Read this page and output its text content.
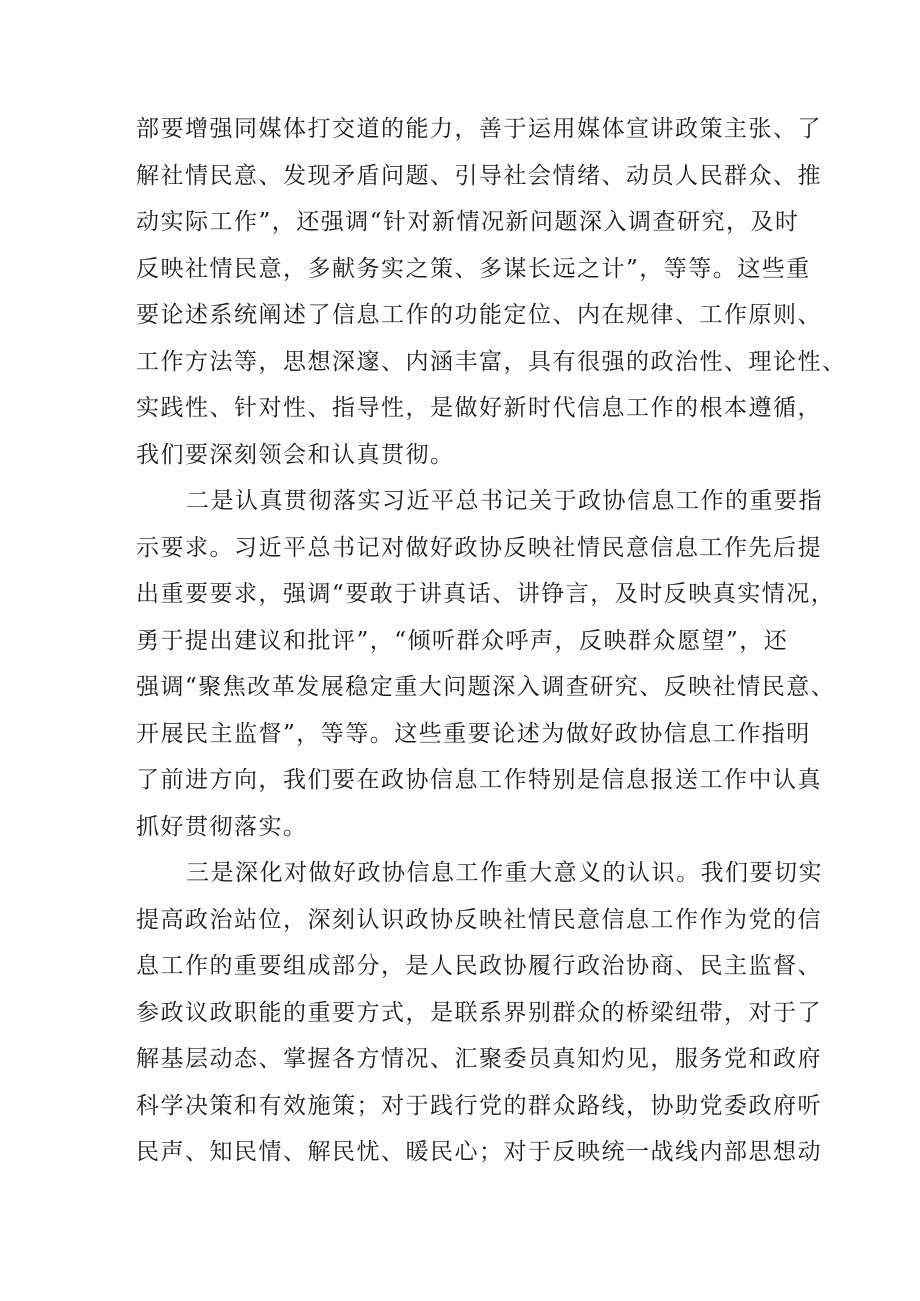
部要增强同媒体打交道的能力，善于运用媒体宣讲政策主张、了
解社情民意、发现矛盾问题、引导社会情绪、动员人民群众、推
动实际工作”，还强调“针对新情况新问题深入调查研究，及时
反映社情民意，多献务实之策、多谋长远之计”，等等。这些重
要论述系统阐述了信息工作的功能定位、内在规律、工作原则、
工作方法等，思想深邃、内涵丰富，具有很强的政治性、理论性、
实践性、针对性、指导性，是做好新时代信息工作的根本遵循，
我们要深刻领会和认真贯彻。
二是认真贯彻落实习近平总书记关于政协信息工作的重要指
示要求。习近平总书记对做好政协反映社情民意信息工作先后提
出重要要求，强调“要敢于讲真话、讲铮言，及时反映真实情况，
勇于提出建议和批评”，“倾听群众呼声，反映群众愿望”，还
强调“聚焦改革发展稳定重大问题深入调查研究、反映社情民意、
开展民主监督”，等等。这些重要论述为做好政协信息工作指明
了前进方向，我们要在政协信息工作特别是信息报送工作中认真
抓好贯彻落实。
三是深化对做好政协信息工作重大意义的认识。我们要切实
提高政治站位，深刻认识政协反映社情民意信息工作作为党的信
息工作的重要组成部分，是人民政协履行政治协商、民主监督、
参政议政职能的重要方式，是联系界别群众的桥梁纽带，对于了
解基层动态、掌握各方情况、汇聚委员真知灼见，服务党和政府
科学决策和有效施策；对于践行党的群众路线，协助党委政府听
民声、知民情、解民忧、暖民心；对于反映统一战线内部思想动
